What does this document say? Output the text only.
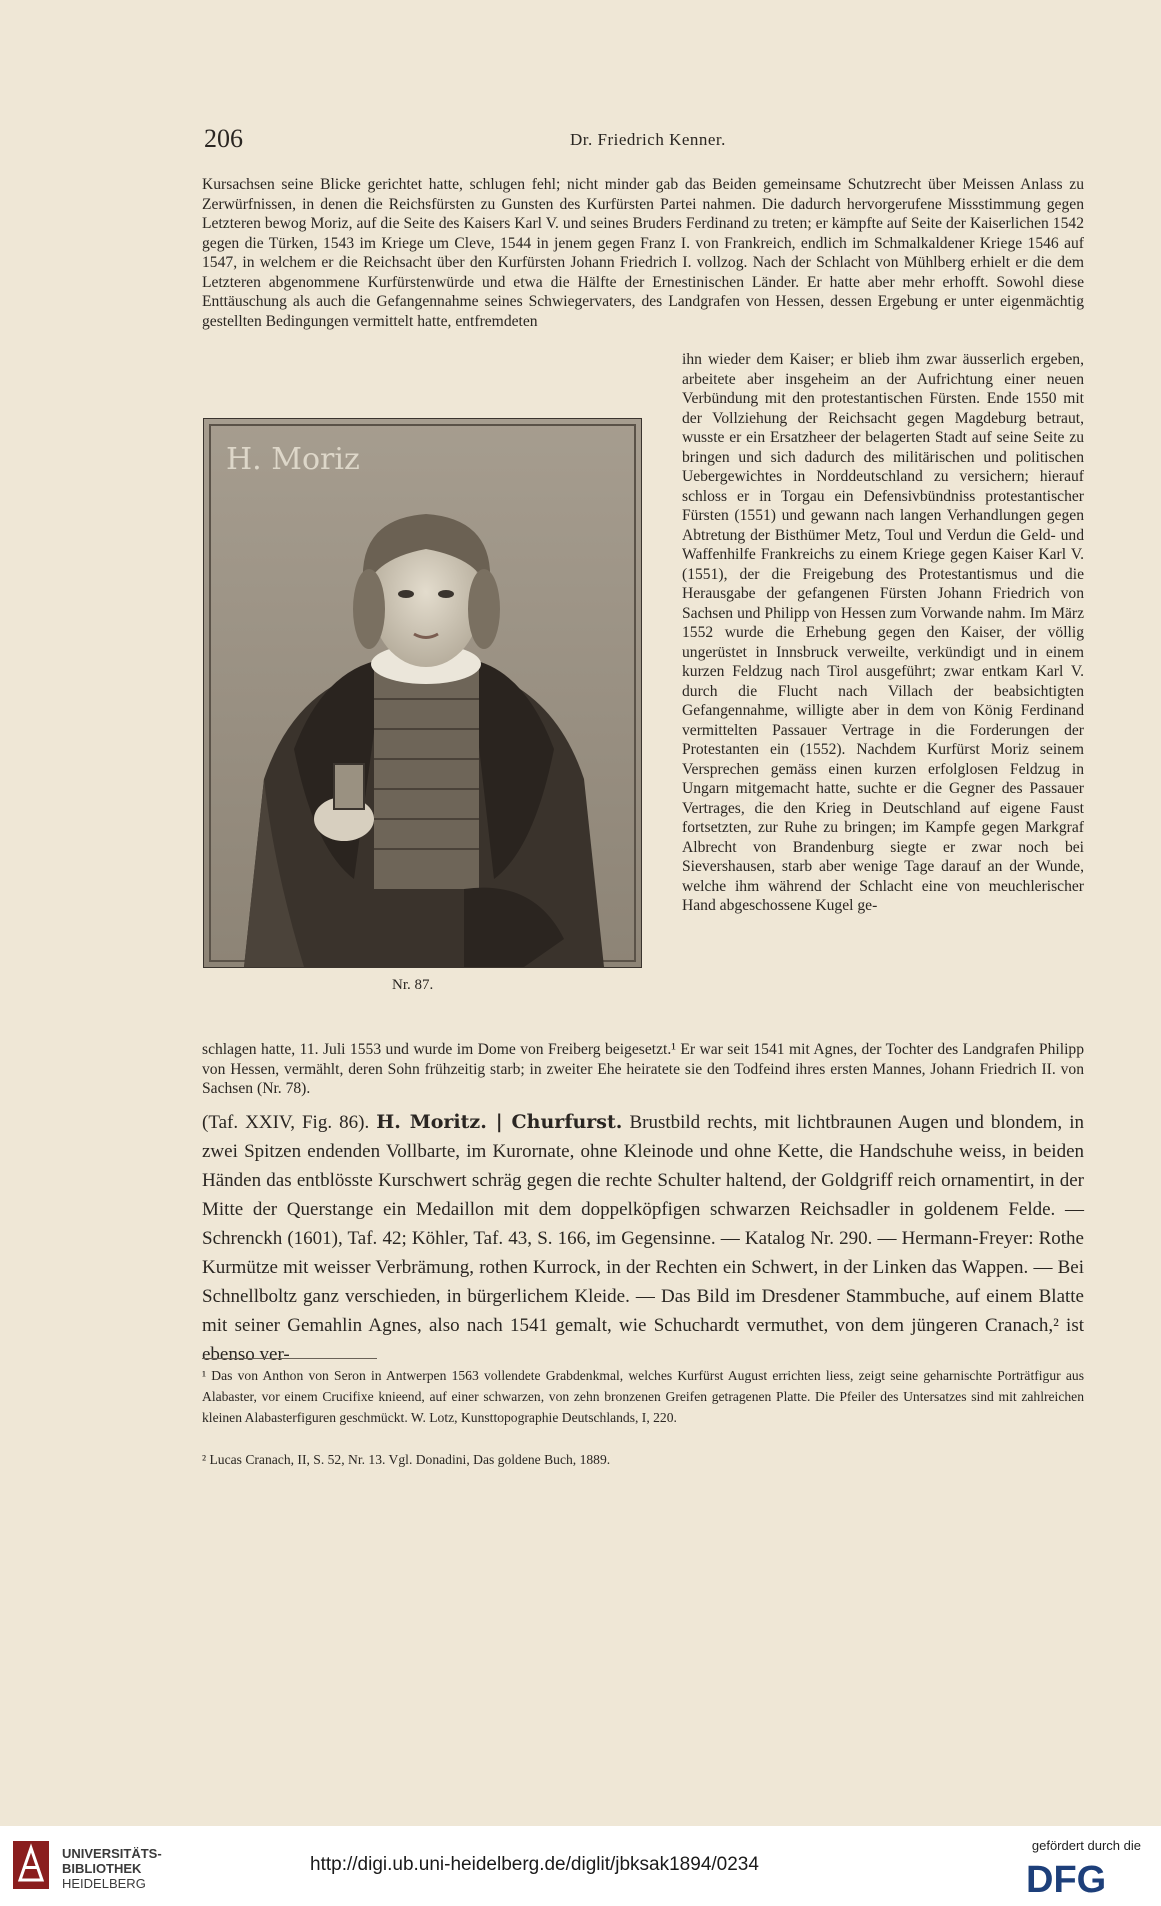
206	Dr. Friedrich Kenner.

Kursachsen seine Blicke gerichtet hatte, schlugen fehl; nicht minder gab das Beiden gemeinsame Schutzrecht über Meissen Anlass zu Zerwürfnissen, in denen die Reichsfürsten zu Gunsten des Kurfürsten Partei nahmen. Die dadurch hervorgerufene Missstimmung gegen Letzteren bewog Moriz, auf die Seite des Kaisers Karl V. und seines Bruders Ferdinand zu treten; er kämpfte auf Seite der Kaiserlichen 1542 gegen die Türken, 1543 im Kriege um Cleve, 1544 in jenem gegen Franz I. von Frankreich, endlich im Schmalkaldener Kriege 1546 auf 1547, in welchem er die Reichsacht über den Kurfürsten Johann Friedrich I. vollzog. Nach der Schlacht von Mühlberg erhielt er die dem Letzteren abgenommene Kurfürstenwürde und etwa die Hälfte der Ernestinischen Länder. Er hatte aber mehr erhofft. Sowohl diese Enttäuschung als auch die Gefangennahme seines Schwiegervaters, des Landgrafen von Hessen, dessen Ergebung er unter eigenmächtig gestellten Bedingungen vermittelt hatte, entfremdeten

ihn wieder dem Kaiser; er blieb ihm zwar äusserlich ergeben, arbeitete aber insgeheim an der Aufrichtung einer neuen Verbündung mit den protestantischen Fürsten. Ende 1550 mit der Vollziehung der Reichsacht gegen Magdeburg betraut, wusste er ein Ersatzheer der belagerten Stadt auf seine Seite zu bringen und sich dadurch des militärischen und politischen Uebergewichtes in Norddeutschland zu versichern; hierauf schloss er in Torgau ein Defensivbündniss protestantischer Fürsten (1551) und gewann nach langen Verhandlungen gegen Abtretung der Bisthümer Metz, Toul und Verdun die Geld- und Waffenhilfe Frankreichs zu einem Kriege gegen Kaiser Karl V. (1551), der die Freigebung des Protestantismus und die Herausgabe der gefangenen Fürsten Johann Friedrich von Sachsen und Philipp von Hessen zum Vorwande nahm. Im März 1552 wurde die Erhebung gegen den Kaiser, der völlig ungerüstet in Innsbruck verweilte, verkündigt und in einem kurzen Feldzug nach Tirol ausgeführt; zwar entkam Karl V. durch die Flucht nach Villach der beabsichtigten Gefangennahme, willigte aber in dem von König Ferdinand vermittelten Passauer Vertrage in die Forderungen der Protestanten ein (1552). Nachdem Kurfürst Moriz seinem Versprechen gemäss einen kurzen erfolglosen Feldzug in Ungarn mitgemacht hatte, suchte er die Gegner des Passauer Vertrages, die den Krieg in Deutschland auf eigene Faust fortsetzten, zur Ruhe zu bringen; im Kampfe gegen Markgraf Albrecht von Brandenburg siegte er zwar noch bei Sievershausen, starb aber wenige Tage darauf an der Wunde, welche ihm während der Schlacht eine von meuchlerischer Hand abgeschossene Kugel ge-

H. Moriz
Nr. 87.

schlagen hatte, 11. Juli 1553 und wurde im Dome von Freiberg beigesetzt.¹ Er war seit 1541 mit Agnes, der Tochter des Landgrafen Philipp von Hessen, vermählt, deren Sohn frühzeitig starb; in zweiter Ehe heiratete sie den Todfeind ihres ersten Mannes, Johann Friedrich II. von Sachsen (Nr. 78).

(Taf. XXIV, Fig. 86). H. Moritz. | Churfurst. Brustbild rechts, mit lichtbraunen Augen und blondem, in zwei Spitzen endenden Vollbarte, im Kurornate, ohne Kleinode und ohne Kette, die Handschuhe weiss, in beiden Händen das entblösste Kurschwert schräg gegen die rechte Schulter haltend, der Goldgriff reich ornamentirt, in der Mitte der Querstange ein Medaillon mit dem doppelköpfigen schwarzen Reichsadler in goldenem Felde. — Schrenckh (1601), Taf. 42; Köhler, Taf. 43, S. 166, im Gegensinne. — Katalog Nr. 290. — Hermann-Freyer: Rothe Kurmütze mit weisser Verbrämung, rothen Kurrock, in der Rechten ein Schwert, in der Linken das Wappen. — Bei Schnellboltz ganz verschieden, in bürgerlichem Kleide. — Das Bild im Dresdener Stammbuche, auf einem Blatte mit seiner Gemahlin Agnes, also nach 1541 gemalt, wie Schuchardt vermuthet, von dem jüngeren Cranach,² ist ebenso ver-

¹ Das von Anthon von Seron in Antwerpen 1563 vollendete Grabdenkmal, welches Kurfürst August errichten liess, zeigt seine geharnischte Porträtfigur aus Alabaster, vor einem Crucifixe knieend, auf einer schwarzen, von zehn bronzenen Greifen getragenen Platte. Die Pfeiler des Untersatzes sind mit zahlreichen kleinen Alabasterfiguren geschmückt. W. Lotz, Kunsttopographie Deutschlands, I, 220.

² Lucas Cranach, II, S. 52, Nr. 13. Vgl. Donadini, Das goldene Buch, 1889.

UNIVERSITÄTS-
BIBLIOTHEK
HEIDELBERG
http://digi.ub.uni-heidelberg.de/diglit/jbksak1894/0234
gefördert durch die
DFG
